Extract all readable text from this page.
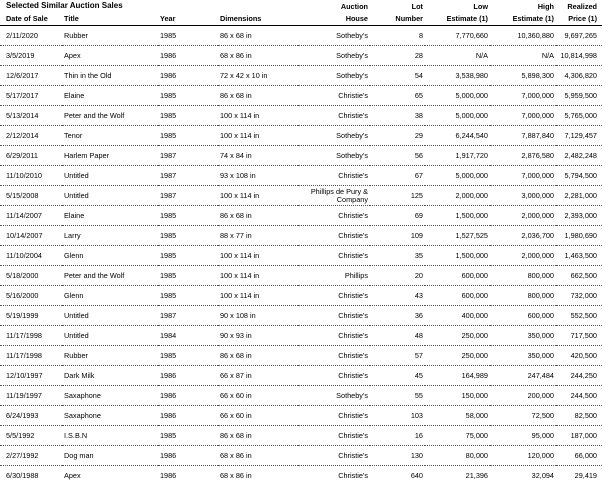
Selected Similar Auction Sales
					Auction	Lot	Low	High	Realized
Date of Sale	Title	Year	Dimensions	House	Number	Estimate (1)	Estimate (1)	Price (1)
2/11/2020	Rubber	1985	86 x 68 in	Sotheby's	8	7,770,660	10,360,880	9,697,265
3/5/2019	Apex	1986	68 x 86 in	Sotheby's	28	N/A	N/A	10,814,998
12/6/2017	Thin in the Old	1986	72 x 42 x 10 in	Sotheby's	54	3,538,980	5,898,300	4,306,820
5/17/2017	Elaine	1985	86 x 68 in	Christie's	65	5,000,000	7,000,000	5,959,500
5/13/2014	Peter and the Wolf	1985	100 x 114 in	Christie's	38	5,000,000	7,000,000	5,765,000
2/12/2014	Tenor	1985	100 x 114 in	Sotheby's	29	6,244,540	7,887,840	7,129,457
6/29/2011	Harlem Paper	1987	74 x 84 in	Sotheby's	56	1,917,720	2,876,580	2,482,248
11/10/2010	Untitled	1987	93 x 108 in	Christie's	67	5,000,000	7,000,000	5,794,500
5/15/2008	Untitled	1987	100 x 114 in	Phillips de Pury & Company	125	2,000,000	3,000,000	2,281,000
11/14/2007	Elaine	1985	86 x 68 in	Christie's	69	1,500,000	2,000,000	2,393,000
10/14/2007	Larry	1985	88 x 77 in	Christie's	109	1,527,525	2,036,700	1,980,690
11/10/2004	Glenn	1985	100 x 114 in	Christie's	35	1,500,000	2,000,000	1,463,500
5/18/2000	Peter and the Wolf	1985	100 x 114 in	Phillips	20	600,000	800,000	662,500
5/16/2000	Glenn	1985	100 x 114 in	Christie's	43	600,000	800,000	732,000
5/19/1999	Untitled	1987	90 x 108 in	Christie's	36	400,000	600,000	552,500
11/17/1998	Untitled	1984	90 x 93 in	Christie's	48	250,000	350,000	717,500
11/17/1998	Rubber	1985	86 x 68 in	Christie's	57	250,000	350,000	420,500
12/10/1997	Dark Milk	1986	66 x 87 in	Christie's	45	164,989	247,484	244,250
11/19/1997	Saxaphone	1986	66 x 60 in	Sotheby's	55	150,000	200,000	244,500
6/24/1993	Saxaphone	1986	66 x 60 in	Christie's	103	58,000	72,500	82,500
5/5/1992	I.S.B.N	1985	86 x 68 in	Christie's	16	75,000	95,000	187,000
2/27/1992	Dog man	1986	68 x 86 in	Christie's	130	80,000	120,000	66,000
6/30/1988	Apex	1986	68 x 86 in	Christie's	640	21,396	32,094	29,419
